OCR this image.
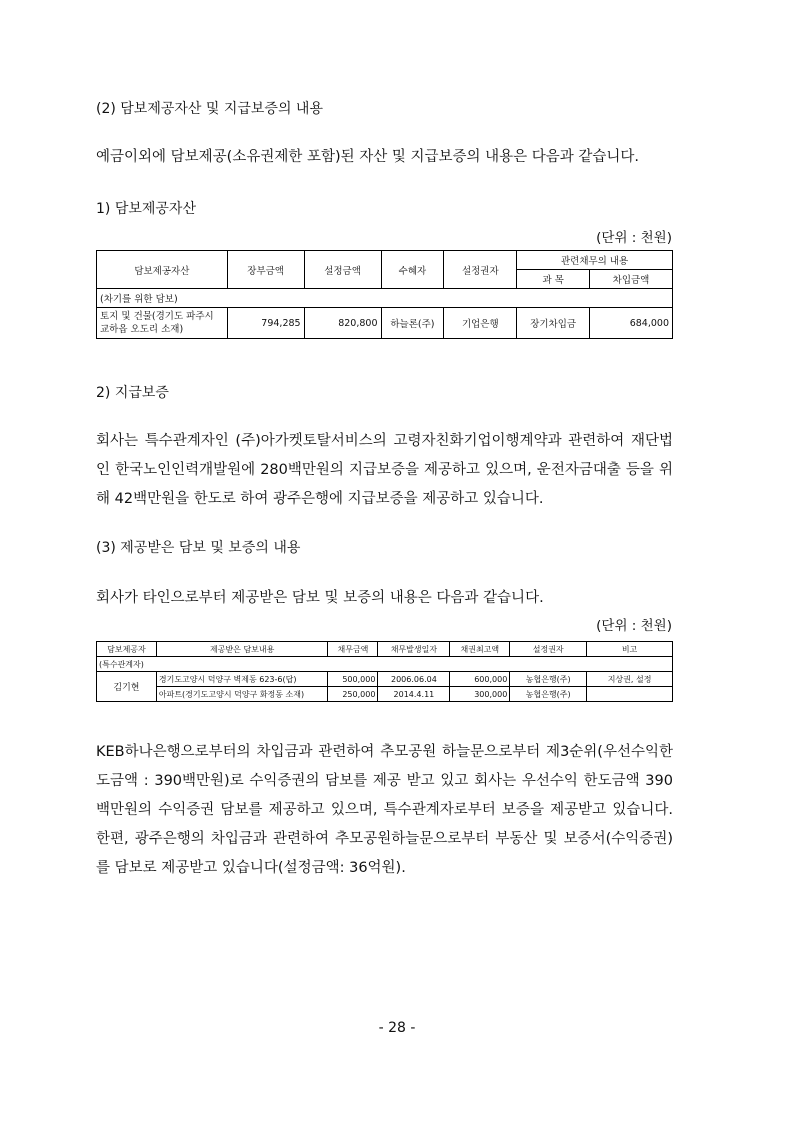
(2) 담보제공자산 및 지급보증의 내용
예금이외에 담보제공(소유권제한 포함)된 자산 및 지급보증의 내용은 다음과 같습니다.
1) 담보제공자산
(단위 : 천원)
담보제공자산	장부금액	설정금액	수혜자	설정권자	관련채무의 내용	
					과 목	차입금액
(차기를 위한 담보)						
토지 및 건물(경기도 파주시 교하읍 오도리 소재)	794,285	820,800	하늘론(주)	기업은행	장기차입금	684,000
2) 지급보증
회사는 특수관계자인 (주)아가켓토탈서비스의 고령자친화기업이행계약과 관련하여 재단법인 한국노인인력개발원에 280백만원의 지급보증을 제공하고 있으며, 운전자금대출 등을 위해 42백만원을 한도로 하여 광주은행에 지급보증을 제공하고 있습니다.
(3) 제공받은 담보 및 보증의 내용
회사가 타인으로부터 제공받은 담보 및 보증의 내용은 다음과 같습니다.
(단위 : 천원)
담보제공자	제공받은 담보내용	채무금액	채무발생일자	채권최고액	설정권자	비고
(특수관계자)						
김기현	경기도고양시 덕양구 벽제동 623-6(답)	500,000	2006.06.04	600,000	농협은행(주)	지상권, 설정
	아파트(경기도고양시 덕양구 화정동 소재)	250,000	2014.4.11	300,000	농협은행(주)	
KEB하나은행으로부터의 차입금과 관련하여 추모공원 하늘문으로부터 제3순위(우선수익한도금액 : 390백만원)로 수익증권의 담보를 제공 받고 있고 회사는 우선수익 한도금액 390백만원의 수익증권 담보를 제공하고 있으며, 특수관계자로부터 보증을 제공받고 있습니다. 한편, 광주은행의 차입금과 관련하여 추모공원하늘문으로부터 부동산 및 보증서(수익증권)를 담보로 제공받고 있습니다(설정금액: 36억원).
- 28 -
